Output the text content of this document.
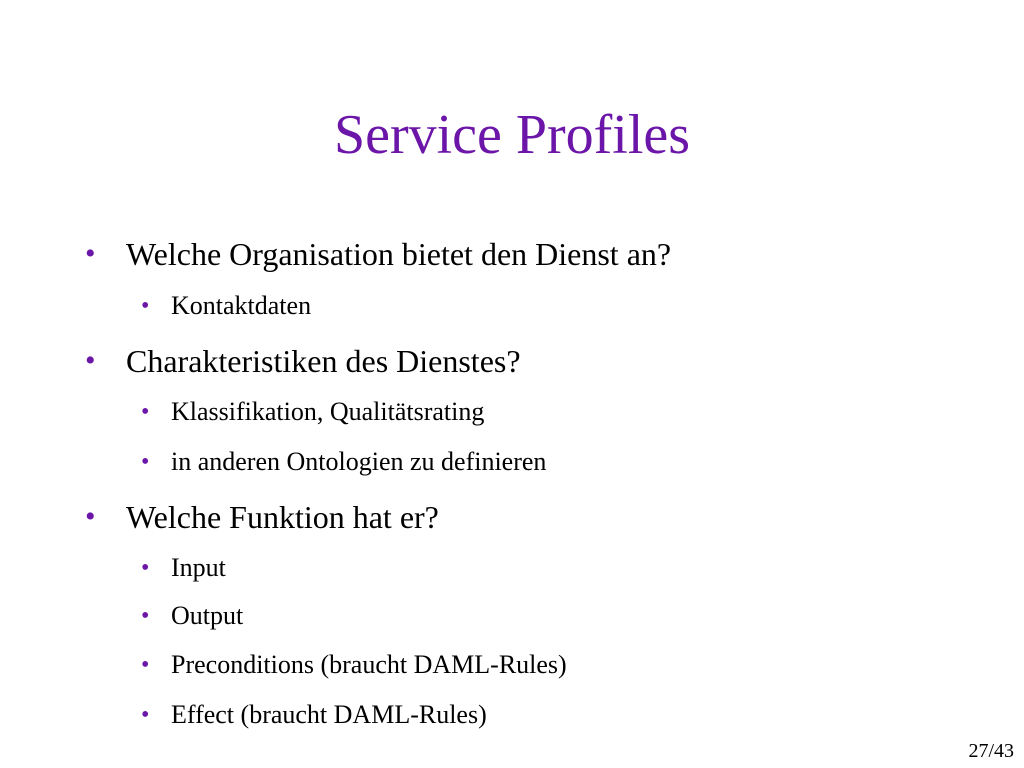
Service Profiles
• Welche Organisation bietet den Dienst an?
• Kontaktdaten
• Charakteristiken des Dienstes?
• Klassifikation, Qualitätsrating
• in anderen Ontologien zu definieren
• Welche Funktion hat er?
• Input
• Output
• Preconditions (braucht DAML-Rules)
• Effect (braucht DAML-Rules)
27/43
